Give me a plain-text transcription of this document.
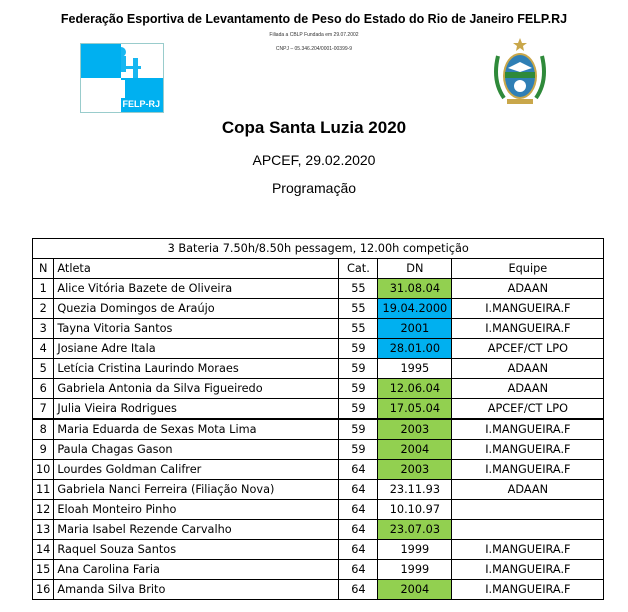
Federação Esportiva de Levantamento de Peso do Estado do Rio de Janeiro FELP.RJ
Filiada a CBLP Fundada em 29.07.2002
CNPJ – 05.346.204/0001-00399-9
FELP-RJ
Copa Santa Luzia 2020
APCEF, 29.02.2020
Programação
3 Bateria 7.50h/8.50h pessagem, 12.00h competição				
N	Atleta	Cat.	DN	Equipe
1	Alice Vitória Bazete de Oliveira	55	31.08.04	ADAAN
2	Quezia Domingos de Araújo	55	19.04.2000	I.MANGUEIRA.F
3	Tayna Vitoria Santos	55	2001	I.MANGUEIRA.F
4	Josiane Adre Itala	59	28.01.00	APCEF/CT LPO
5	Letícia Cristina Laurindo Moraes	59	1995	ADAAN
6	Gabriela Antonia da Silva Figueiredo	59	12.06.04	ADAAN
7	Julia Vieira Rodrigues	59	17.05.04	APCEF/CT LPO
8	Maria Eduarda de Sexas Mota Lima	59	2003	I.MANGUEIRA.F
9	Paula Chagas Gason	59	2004	I.MANGUEIRA.F
10	Lourdes Goldman Califrer	64	2003	I.MANGUEIRA.F
11	Gabriela Nanci Ferreira (Filiação Nova)	64	23.11.93	ADAAN
12	Eloah Monteiro Pinho	64	10.10.97	
13	Maria Isabel Rezende Carvalho	64	23.07.03	
14	Raquel Souza Santos	64	1999	I.MANGUEIRA.F
15	Ana Carolina Faria	64	1999	I.MANGUEIRA.F
16	Amanda Silva Brito	64	2004	I.MANGUEIRA.F
